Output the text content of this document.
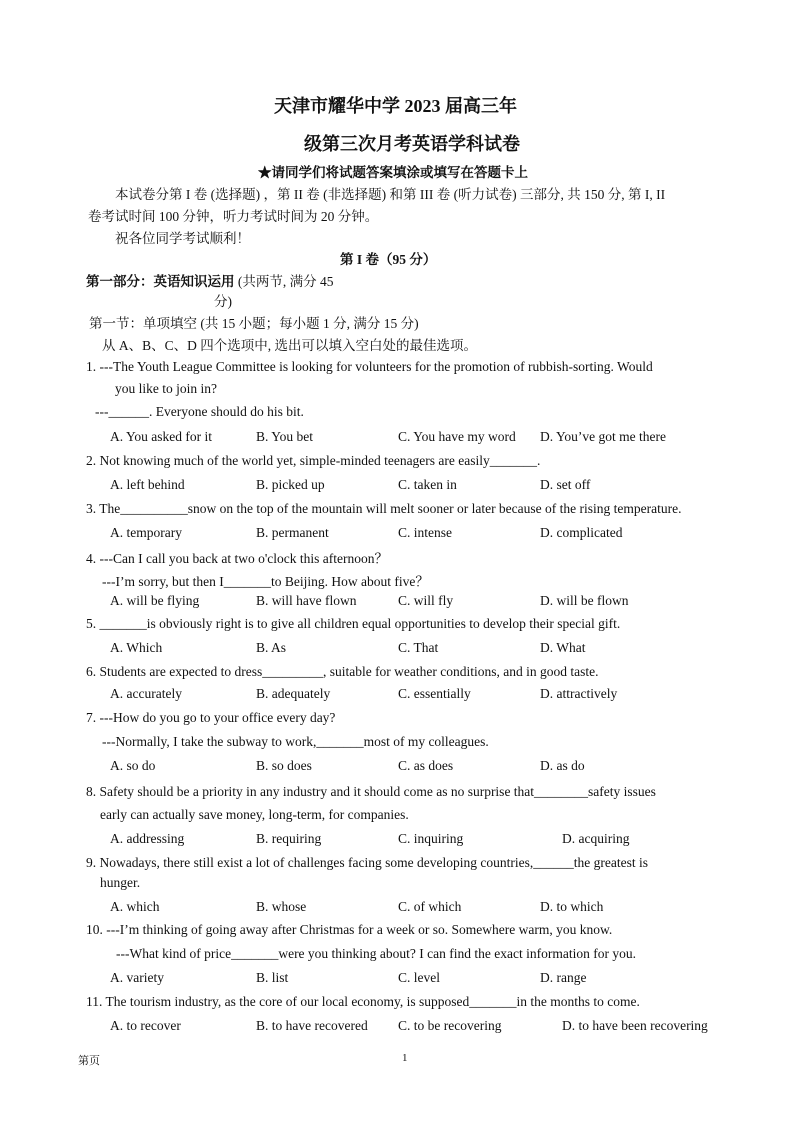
天津市耀华中学 2023 届高三年
级第三次月考英语学科试卷
★请同学们将试题答案填涂或填写在答题卡上
本试卷分第 I 卷 (选择题) ，第 II 卷 (非选择题) 和第 III 卷 (听力试卷) 三部分, 共 150 分, 第 I, II
卷考试时间 100 分钟，听力考试时间为 20 分钟。
祝各位同学考试顺利！
第 I 卷（95 分）
第一部分：英语知识运用 (共两节, 满分 45
分)
第一节：单项填空 (共 15 小题；每小题 1 分, 满分 15 分)
从 A、B、C、D 四个选项中, 选出可以填入空白处的最佳选项。
1. ---The Youth League Committee is looking for volunteers for the promotion of rubbish-sorting. Would
you like to join in?
---______. Everyone should do his bit.
A. You asked for it	B. You bet	C. You have my word D. You’ve got me there
2. Not knowing much of the world yet, simple-minded teenagers are easily_______.
A. left behind	B. picked up	C. taken in	D. set off
3. The__________snow on the top of the mountain will melt sooner or later because of the rising temperature.
A. temporary	B. permanent	C. intense	D. complicated
4. ---Can I call you back at two o'clock this afternoon？
---I’m sorry, but then I_______to Beijing. How about five？
A. will be flying	B. will have flown	C. will fly	D. will be flown
5. _______is obviously right is to give all children equal opportunities to develop their special gift.
A. Which	B. As	C. That	D. What
6. Students are expected to dress_________, suitable for weather conditions, and in good taste.
A. accurately	B. adequately	C. essentially	D. attractively
7. ---How do you go to your office every day?
---Normally, I take the subway to work,_______most of my colleagues.
A. so do	B. so does	C. as does	D. as do
8. Safety should be a priority in any industry and it should come as no surprise that________safety issues
early can actually save money, long-term, for companies.
A. addressing	B. requiring	C. inquiring	D. acquiring
9. Nowadays, there still exist a lot of challenges facing some developing countries,______the greatest is
hunger.
A. which	B. whose	C. of which	D. to which
10. ---I’m thinking of going away after Christmas for a week or so. Somewhere warm, you know.
---What kind of price_______were you thinking about? I can find the exact information for you.
A. variety	B. list	C. level	D. range
11. The tourism industry, as the core of our local economy, is supposed_______in the months to come.
A. to recover	B. to have recovered C. to be recovering	D. to have been recovering
第页	1
